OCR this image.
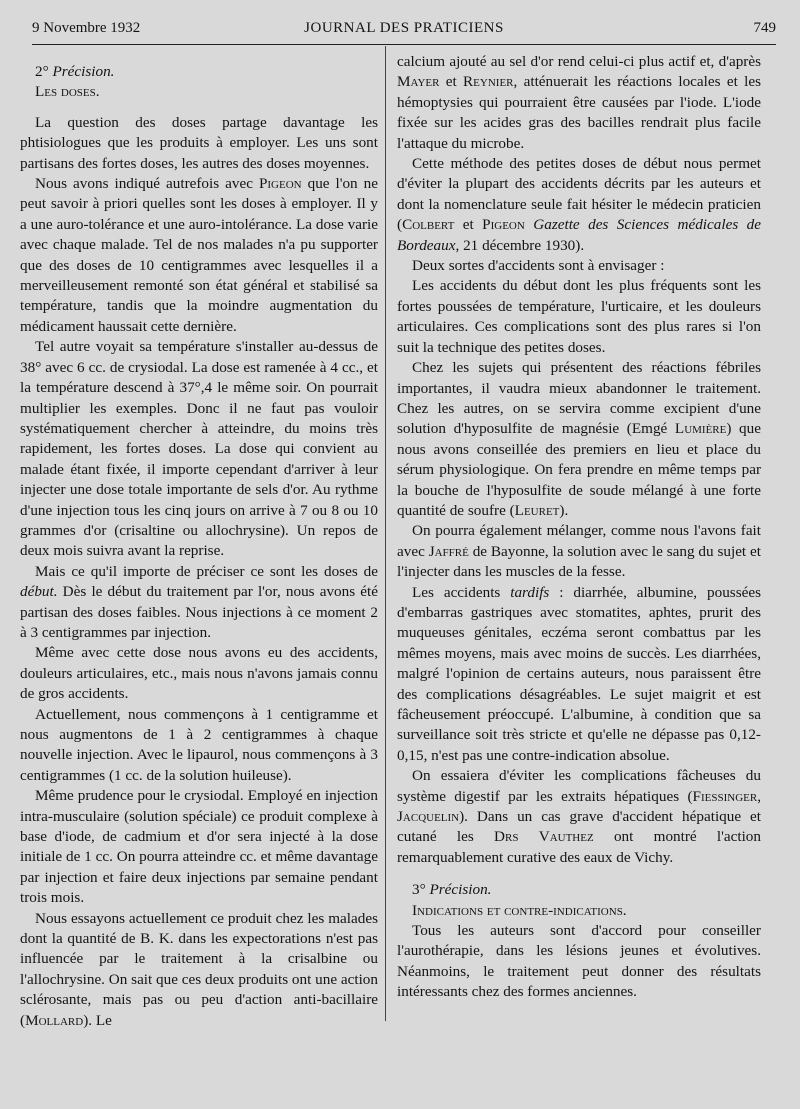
9 Novembre 1932	JOURNAL DES PRATICIENS	749

2° Précision.

Les doses.

La question des doses partage davantage les phtisiologues que les produits à employer. Les uns sont partisans des fortes doses, les autres des doses moyennes.

Nous avons indiqué autrefois avec Pigeon que l'on ne peut savoir à priori quelles sont les doses à employer. Il y a une auro-tolérance et une auro-intolérance. La dose varie avec chaque malade. Tel de nos malades n'a pu supporter que des doses de 10 centigrammes avec lesquelles il a merveilleusement remonté son état général et stabilisé sa température, tandis que la moindre augmentation du médicament haussait cette dernière.

Tel autre voyait sa température s'installer au-dessus de 38° avec 6 cc. de crysiodal. La dose est ramenée à 4 cc., et la température descend à 37°,4 le même soir. On pourrait multiplier les exemples. Donc il ne faut pas vouloir systématiquement chercher à atteindre, du moins très rapidement, les fortes doses. La dose qui convient au malade étant fixée, il importe cependant d'arriver à leur injecter une dose totale importante de sels d'or. Au rythme d'une injection tous les cinq jours on arrive à 7 ou 8 ou 10 grammes d'or (crisaltine ou allochrysine). Un repos de deux mois suivra avant la reprise.

Mais ce qu'il importe de préciser ce sont les doses de début. Dès le début du traitement par l'or, nous avons été partisan des doses faibles. Nous injections à ce moment 2 à 3 centigrammes par injection.

Même avec cette dose nous avons eu des accidents, douleurs articulaires, etc., mais nous n'avons jamais connu de gros accidents.

Actuellement, nous commençons à 1 centigramme et nous augmentons de 1 à 2 centigrammes à chaque nouvelle injection. Avec le lipaurol, nous commençons à 3 centigrammes (1 cc. de la solution huileuse).

Même prudence pour le crysiodal. Employé en injection intra-musculaire (solution spéciale) ce produit complexe à base d'iode, de cadmium et d'or sera injecté à la dose initiale de 1 cc. On pourra atteindre cc. et même davantage par injection et faire deux injections par semaine pendant trois mois.

Nous essayons actuellement ce produit chez les malades dont la quantité de B. K. dans les expectorations n'est pas influencée par le traitement à la crisalbine ou l'allochrysine. On sait que ces deux produits ont une action sclérosante, mais pas ou peu d'action anti-bacillaire (Mollard). Le

calcium ajouté au sel d'or rend celui-ci plus actif et, d'après Mayer et Reynier, atténuerait les réactions locales et les hémoptysies qui pourraient être causées par l'iode. L'iode fixée sur les acides gras des bacilles rendrait plus facile l'attaque du microbe.

Cette méthode des petites doses de début nous permet d'éviter la plupart des accidents décrits par les auteurs et dont la nomenclature seule fait hésiter le médecin praticien (Colbert et Pigeon Gazette des Sciences médicales de Bordeaux, 21 décembre 1930).

Deux sortes d'accidents sont à envisager :

Les accidents du début dont les plus fréquents sont les fortes poussées de température, l'urticaire, et les douleurs articulaires. Ces complications sont des plus rares si l'on suit la technique des petites doses.

Chez les sujets qui présentent des réactions fébriles importantes, il vaudra mieux abandonner le traitement. Chez les autres, on se servira comme excipient d'une solution d'hyposulfite de magnésie (Emgé Lumière) que nous avons conseillée des premiers en lieu et place du sérum physiologique. On fera prendre en même temps par la bouche de l'hyposulfite de soude mélangé à une forte quantité de soufre (Leuret).

On pourra également mélanger, comme nous l'avons fait avec Jaffré de Bayonne, la solution avec le sang du sujet et l'injecter dans les muscles de la fesse.

Les accidents tardifs : diarrhée, albumine, poussées d'embarras gastriques avec stomatites, aphtes, prurit des muqueuses génitales, eczéma seront combattus par les mêmes moyens, mais avec moins de succès. Les diarrhées, malgré l'opinion de certains auteurs, nous paraissent être des complications désagréables. Le sujet maigrit et est fâcheusement préoccupé. L'albumine, à condition que sa surveillance soit très stricte et qu'elle ne dépasse pas 0,12-0,15, n'est pas une contre-indication absolue.

On essaiera d'éviter les complications fâcheuses du système digestif par les extraits hépatiques (Fiessinger, Jacquelin). Dans un cas grave d'accident hépatique et cutané les Drs Vauthez ont montré l'action remarquablement curative des eaux de Vichy.

3° Précision.

Indications et contre-indications.

Tous les auteurs sont d'accord pour conseiller l'aurothérapie, dans les lésions jeunes et évolutives. Néanmoins, le traitement peut donner des résultats intéressants chez des formes anciennes.
